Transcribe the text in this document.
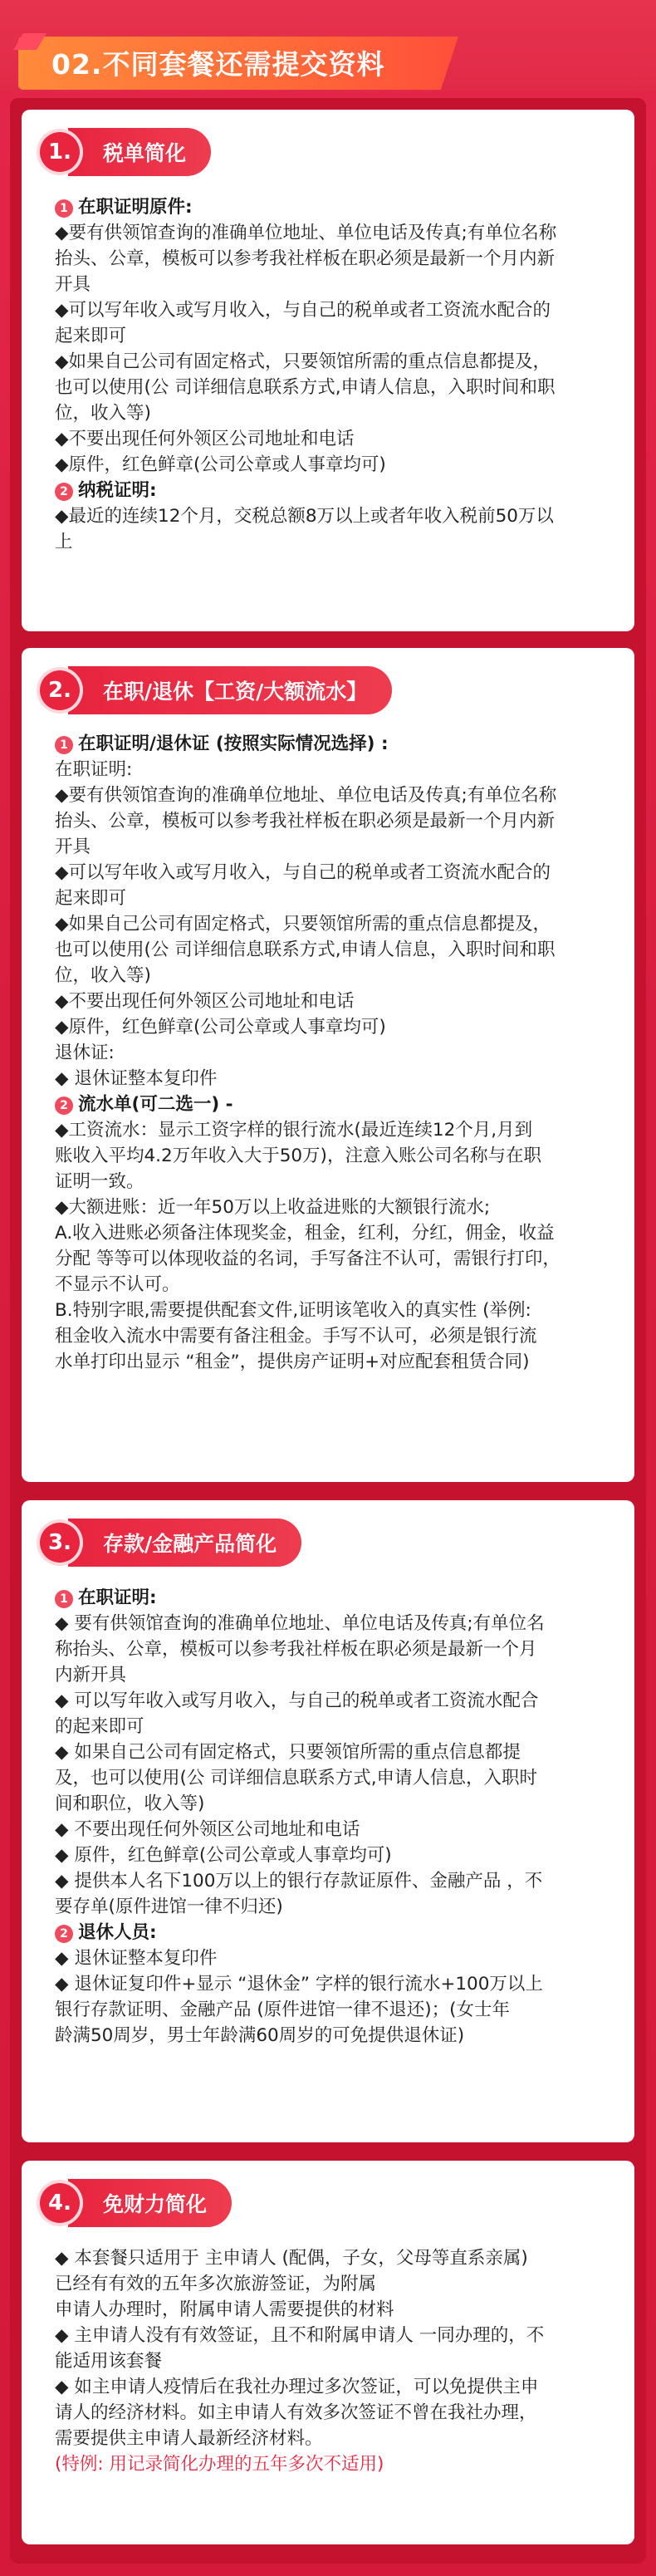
02.不同套餐还需提交资料
1.	税单简化
1 在职证明原件:
◆要有供领馆查询的准确单位地址、单位电话及传真;有单位名称
抬头、公章，模板可以参考我社样板在职必须是最新一个月内新
开具
◆可以写年收入或写月收入，与自己的税单或者工资流水配合的
起来即可
◆如果自己公司有固定格式，只要领馆所需的重点信息都提及，
也可以使用(公 司详细信息联系方式,申请人信息，入职时间和职
位，收入等)
◆不要出现任何外领区公司地址和电话
◆原件，红色鲜章(公司公章或人事章均可)
2 纳税证明:
◆最近的连续12个月，交税总额8万以上或者年收入税前50万以
上
2.	在职/退休【工资/大额流水】
1 在职证明/退休证 (按照实际情况选择) :
在职证明:
◆要有供领馆查询的准确单位地址、单位电话及传真;有单位名称
抬头、公章，模板可以参考我社样板在职必须是最新一个月内新
开具
◆可以写年收入或写月收入，与自己的税单或者工资流水配合的
起来即可
◆如果自己公司有固定格式，只要领馆所需的重点信息都提及，
也可以使用(公 司详细信息联系方式,申请人信息，入职时间和职
位，收入等)
◆不要出现任何外领区公司地址和电话
◆原件，红色鲜章(公司公章或人事章均可)
退休证:
◆ 退休证整本复印件
2 流水单(可二选一) -
◆工资流水：显示工资字样的银行流水(最近连续12个月,月到
账收入平均4.2万年收入大于50万)，注意入账公司名称与在职
证明一致。
◆大额进账：近一年50万以上收益进账的大额银行流水;
A.收入进账必须备注体现奖金，租金，红利，分红，佣金，收益
分配 等等可以体现收益的名词，手写备注不认可，需银行打印，
不显示不认可。
B.特别字眼,需要提供配套文件,证明该笔收入的真实性 (举例:
租金收入流水中需要有备注租金。手写不认可，必须是银行流
水单打印出显示 “租金”，提供房产证明+对应配套租赁合同)
3.	存款/金融产品简化
1 在职证明:
◆ 要有供领馆查询的准确单位地址、单位电话及传真;有单位名
称抬头、公章，模板可以参考我社样板在职必须是最新一个月
内新开具
◆ 可以写年收入或写月收入，与自己的税单或者工资流水配合
的起来即可
◆ 如果自己公司有固定格式，只要领馆所需的重点信息都提
及，也可以使用(公 司详细信息联系方式,申请人信息，入职时
间和职位，收入等)
◆ 不要出现任何外领区公司地址和电话
◆ 原件，红色鲜章(公司公章或人事章均可)
◆ 提供本人名下100万以上的银行存款证原件、金融产品 ，不
要存单(原件进馆一律不归还)
2 退休人员:
◆ 退休证整本复印件
◆ 退休证复印件+显示 “退休金” 字样的银行流水+100万以上
银行存款证明、金融产品 (原件进馆一律不退还)；(女士年
龄满50周岁，男士年龄满60周岁的可免提供退休证)
4.	免财力简化
◆ 本套餐只适用于 主申请人 (配偶，子女，父母等直系亲属)
已经有有效的五年多次旅游签证，为附属
申请人办理时，附属申请人需要提供的材料
◆ 主申请人没有有效签证，且不和附属申请人 一同办理的，不
能适用该套餐
◆ 如主申请人疫情后在我社办理过多次签证，可以免提供主申
请人的经济材料。如主申请人有效多次签证不曾在我社办理，
需要提供主申请人最新经济材料。
(特例: 用记录简化办理的五年多次不适用)
